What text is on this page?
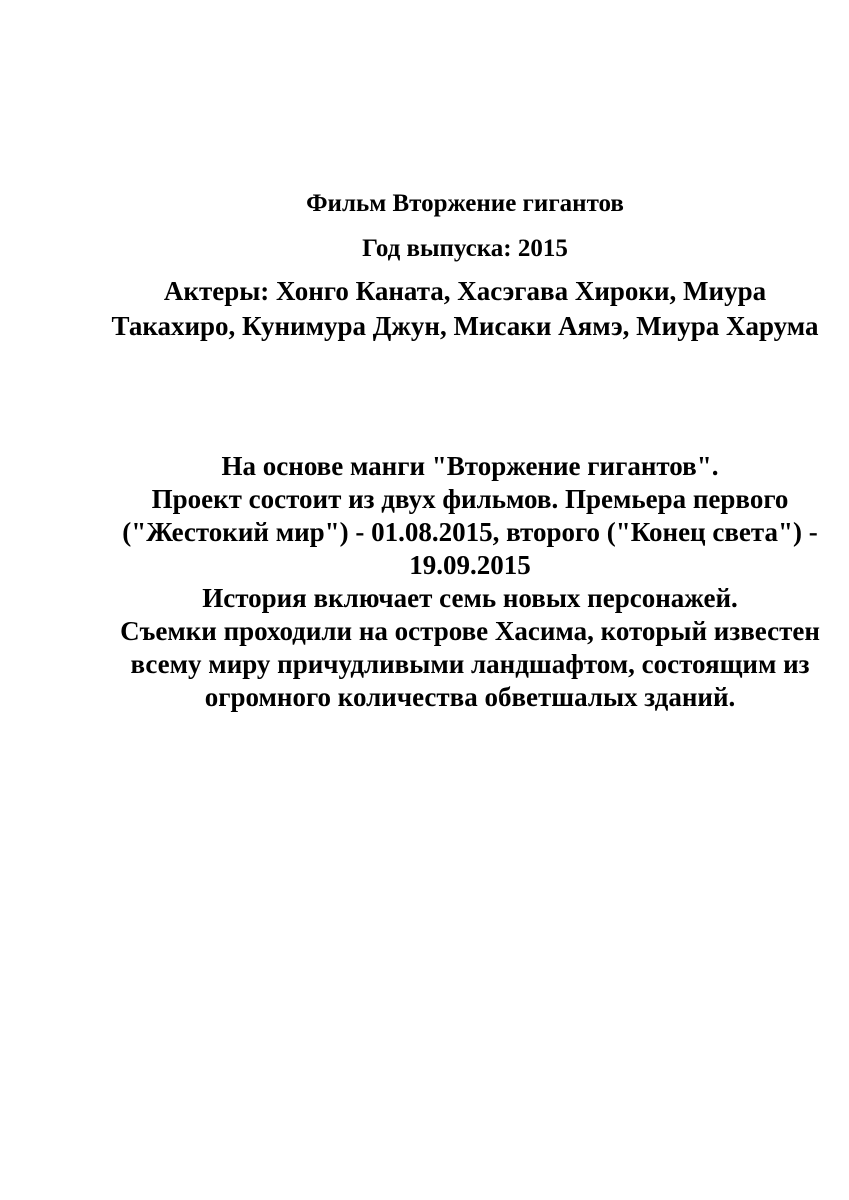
Фильм Вторжение гигантов

Год выпуска: 2015

Актеры: Хонго Каната, Хасэгава Хироки, Миура Такахиро, Кунимура Джун, Мисаки Аямэ, Миура Харума

На основе манги "Вторжение гигантов".
Проект состоит из двух фильмов. Премьера первого ("Жестокий мир") - 01.08.2015, второго ("Конец света") - 19.09.2015
История включает семь новых персонажей.
Съемки проходили на острове Хасима, который известен всему миру причудливыми ландшафтом, состоящим из огромного количества обветшалых зданий.
